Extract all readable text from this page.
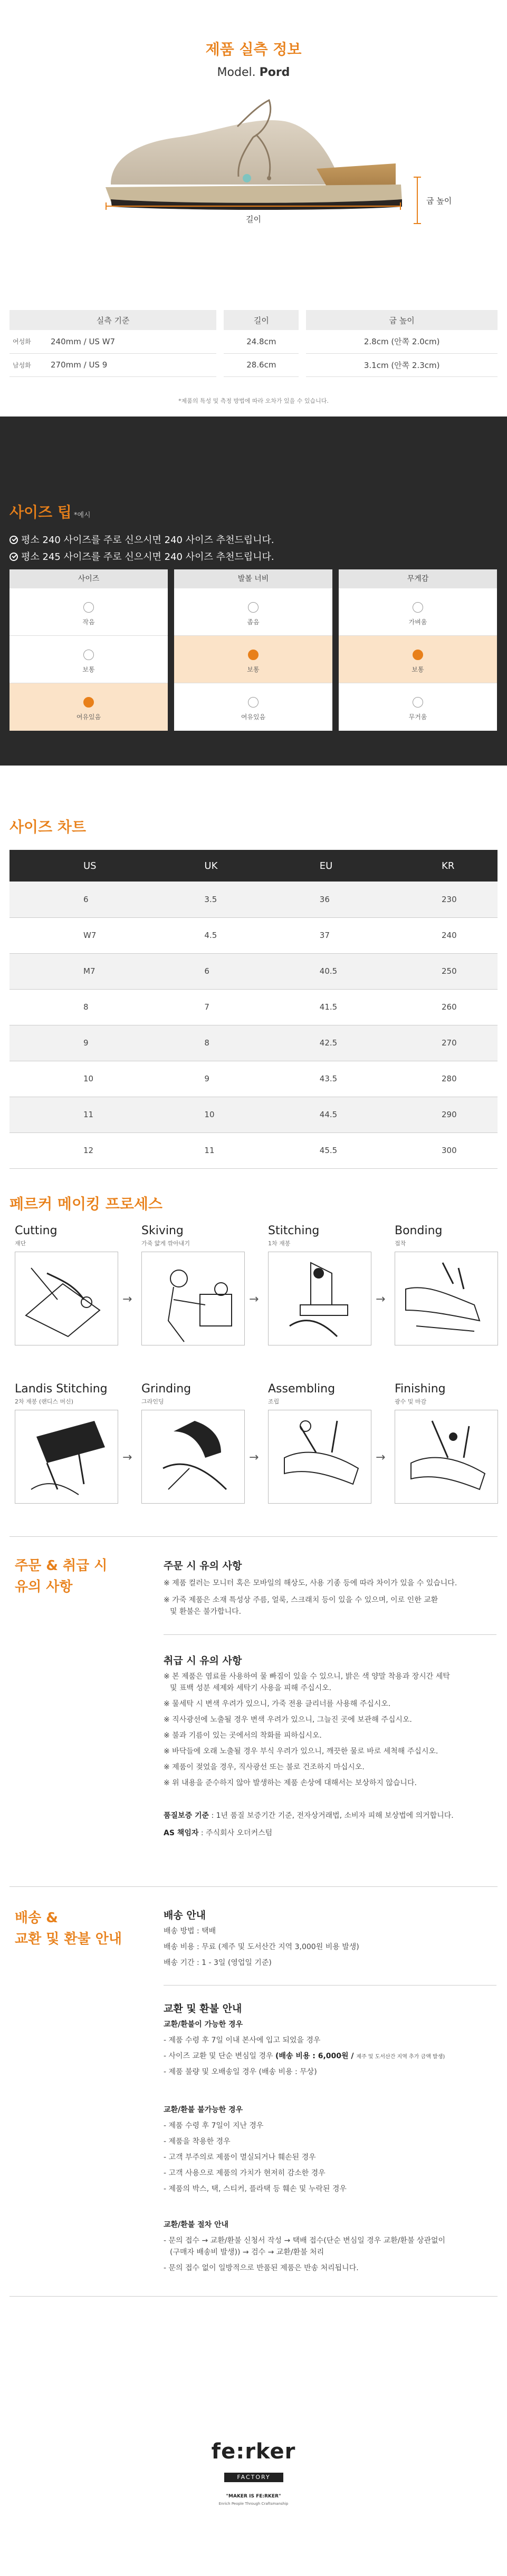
제품 실측 정보
Model. Pord
길이
굽 높이
실측 기준			길이		굽 높이
여성화	240mm / US W7		24.8cm		2.8cm (안쪽 2.0cm)
남성화	270mm / US 9		28.6cm		3.1cm (안쪽 2.3cm)
*제품의 특성 및 측정 방법에 따라 오차가 있을 수 있습니다.
사이즈 팁 *예시
평소 240 사이즈를 주로 신으시면 240 사이즈 추천드립니다.
평소 245 사이즈를 주로 신으시면 240 사이즈 추천드립니다.
사이즈
작음
보통
여유있음
발볼 너비
좁음
보통
여유있음
무게감
가벼움
보통
무거움
사이즈 차트
US	UK	EU	KR
6	3.5	36	230
W7	4.5	37	240
M7	6	40.5	250
8	7	41.5	260
9	8	42.5	270
10	9	43.5	280
11	10	44.5	290
12	11	45.5	300
페르커 메이킹 프로세스
Cutting
재단
→
Skiving
가죽 얇게 깎아내기
→
Stitching
1차 재봉
→
Bonding
접착
Landis Stitching
2차 재봉 (랜디스 머신)
→
Grinding
그라인딩
→
Assembling
조립
→
Finishing
광수 및 마감
주문 & 취급 시
유의 사항
주문 시 유의 사항
※ 제품 컬러는 모니터 혹은 모바일의 해상도, 사용 기종 등에 따라 차이가 있을 수 있습니다.
※ 가죽 제품은 소재 특성상 주름, 얼룩, 스크래치 등이 있을 수 있으며, 이로 인한 교환
및 환불은 불가합니다.
취급 시 유의 사항
※ 본 제품은 염료를 사용하여 물 빠짐이 있을 수 있으니, 밝은 색 양말 착용과 장시간 세탁
및 표백 성분 세제와 세탁기 사용을 피해 주십시오.
※ 물세탁 시 변색 우려가 있으니, 가죽 전용 클리너를 사용해 주십시오.
※ 직사광선에 노출될 경우 변색 우려가 있으니, 그늘진 곳에 보관해 주십시오.
※ 불과 기름이 있는 곳에서의 착화를 피하십시오.
※ 바닥들에 오래 노출될 경우 부식 우려가 있으니, 깨끗한 물로 바로 세척해 주십시오.
※ 제품이 젖었을 경우, 직사광선 또는 불로 건조하지 마십시오.
※ 위 내용을 준수하지 않아 발생하는 제품 손상에 대해서는 보상하지 않습니다.
품질보증 기준 : 1년 품질 보증기간 기준, 전자상거래법, 소비자 피해 보상법에 의거합니다.
AS 책임자 : 주식회사 오더커스텀
배송 &
교환 및 환불 안내
배송 안내
배송 방법 : 택배
배송 비용 : 무료 (제주 및 도서산간 지역 3,000원 비용 발생)
배송 기간 : 1 - 3일 (영업일 기준)
교환 및 환불 안내
교환/환불이 가능한 경우
- 제품 수령 후 7일 이내 본사에 입고 되었을 경우
- 사이즈 교환 및 단순 변심일 경우 (배송 비용 : 6,000원 / 제주 및 도서산간 지역 추가 금액 발생)
- 제품 불량 및 오배송일 경우 (배송 비용 : 무상)
교환/환불 불가능한 경우
- 제품 수령 후 7일이 지난 경우
- 제품을 착용한 경우
- 고객 부주의로 제품이 멸실되거나 훼손된 경우
- 고객 사용으로 제품의 가치가 현저히 감소한 경우
- 제품의 박스, 택, 스티커, 플라택 등 훼손 및 누락된 경우
교환/환불 절차 안내
- 문의 접수 → 교환/환불 신청서 작성 → 택배 접수(단순 변심일 경우 교환/환불 상관없이
(구매자 배송비 발생)) → 검수 → 교환/환불 처리
- 문의 접수 없이 일방적으로 반품된 제품은 반송 처리됩니다.
fe:rker
FACTORY
"MAKER IS FE:RKER"
Enrich People Through Craftsmanship
